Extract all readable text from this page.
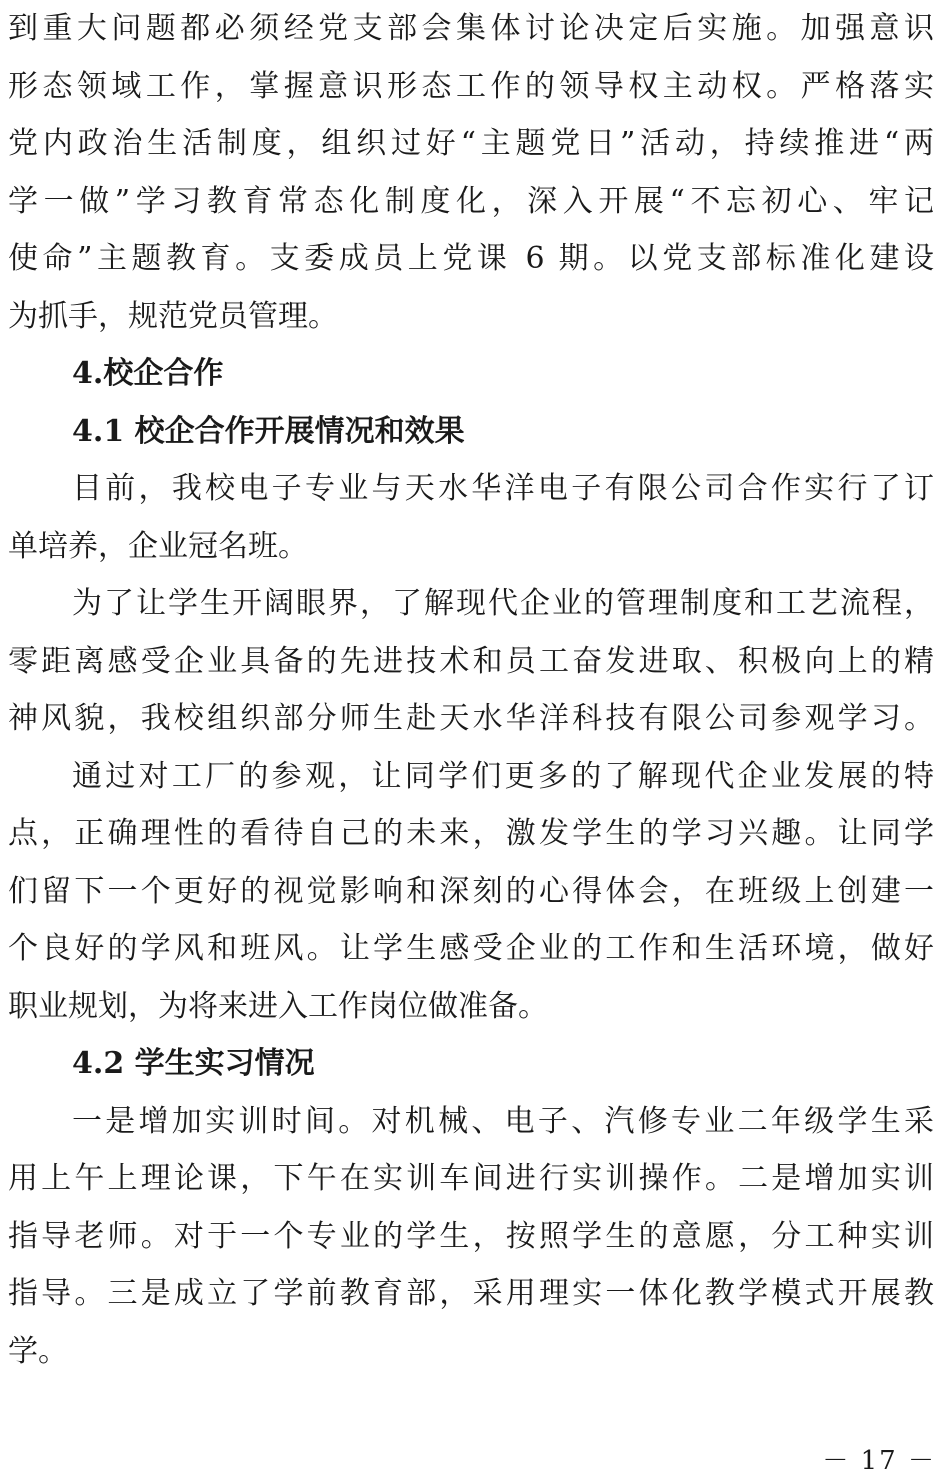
到重大问题都必须经党支部会集体讨论决定后实施。加强意识
形态领域工作，掌握意识形态工作的领导权主动权。严格落实
党内政治生活制度，组织过好“主题党日”活动，持续推进“两
学一做”学习教育常态化制度化，深入开展“不忘初心、牢记
使命”主题教育。支委成员上党课 6 期。以党支部标准化建设
为抓手，规范党员管理。
4.校企合作
4.1 校企合作开展情况和效果
目前，我校电子专业与天水华洋电子有限公司合作实行了订
单培养，企业冠名班。
为了让学生开阔眼界，了解现代企业的管理制度和工艺流程，
零距离感受企业具备的先进技术和员工奋发进取、积极向上的精
神风貌，我校组织部分师生赴天水华洋科技有限公司参观学习。
通过对工厂的参观，让同学们更多的了解现代企业发展的特
点，正确理性的看待自己的未来，激发学生的学习兴趣。让同学
们留下一个更好的视觉影响和深刻的心得体会，在班级上创建一
个良好的学风和班风。让学生感受企业的工作和生活环境，做好
职业规划，为将来进入工作岗位做准备。
4.2 学生实习情况
一是增加实训时间。对机械、电子、汽修专业二年级学生采
用上午上理论课，下午在实训车间进行实训操作。二是增加实训
指导老师。对于一个专业的学生，按照学生的意愿，分工种实训
指导。三是成立了学前教育部，采用理实一体化教学模式开展教
学。
－ 17 －
